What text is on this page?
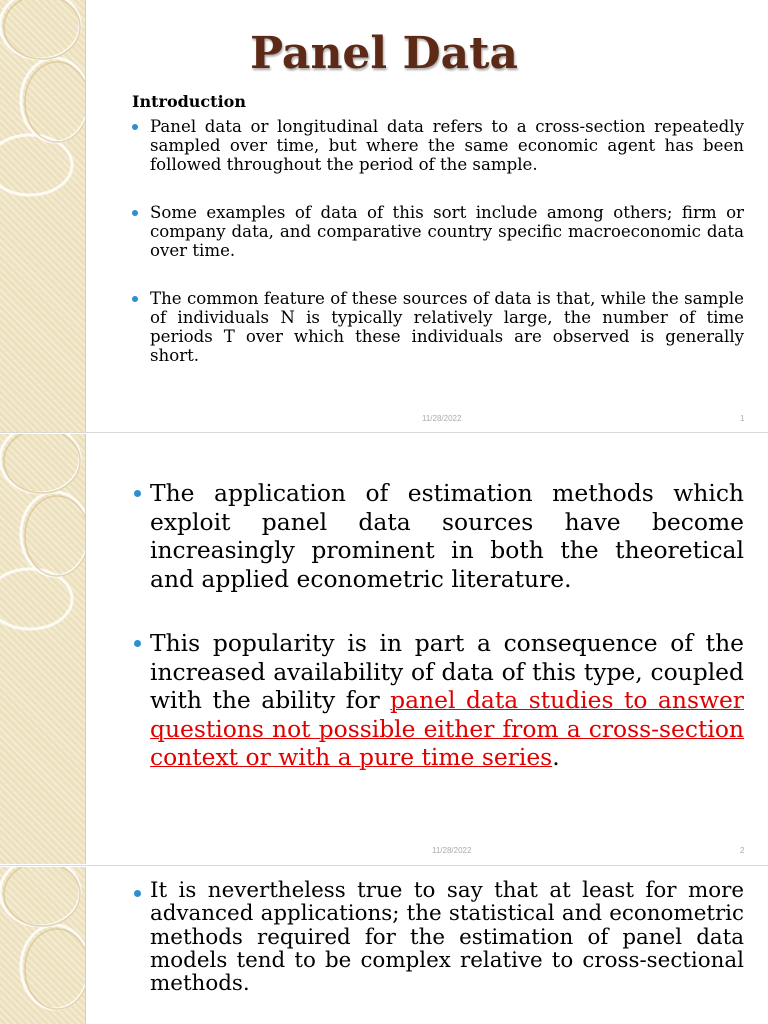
Panel Data
Introduction
Panel data or longitudinal data refers to a cross-section repeatedly sampled over time, but where the same economic agent has been followed throughout the period of the sample.
Some examples of data of this sort include among others; firm or company data, and comparative country specific macroeconomic data over time.
The common feature of these sources of data is that, while the sample of individuals N is typically relatively large, the number of time periods T over which these individuals are observed is generally short.
11/28/2022	1
The application of estimation methods which exploit panel data sources have become increasingly prominent in both the theoretical and applied econometric literature.
This popularity is in part a consequence of the increased availability of data of this type, coupled with the ability for panel data studies to answer questions not possible either from a cross-section context or with a pure time series.
11/28/2022	2
It is nevertheless true to say that at least for more advanced applications; the statistical and econometric methods required for the estimation of panel data models tend to be complex relative to cross-sectional methods.
